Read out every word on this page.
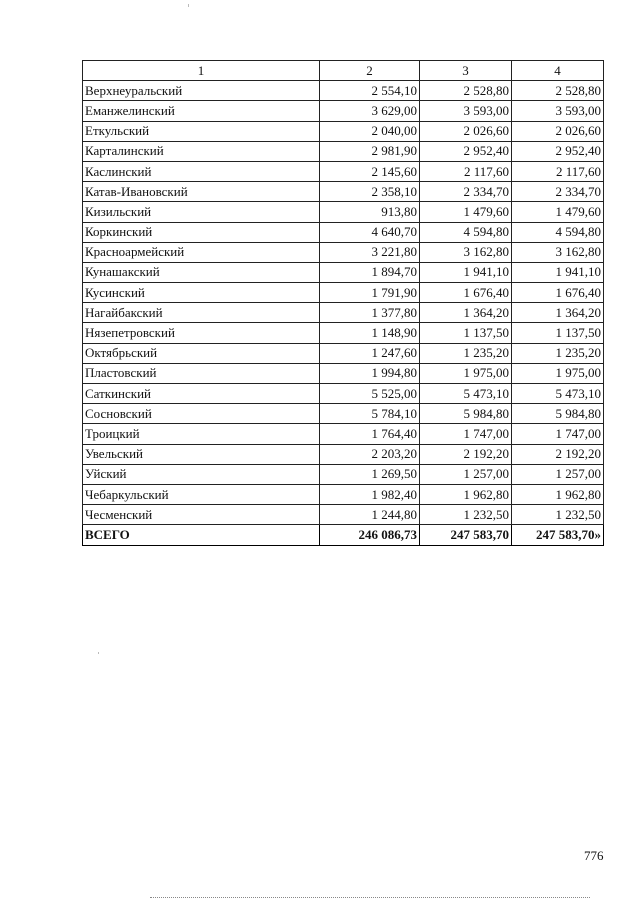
1	2	3	4
Верхнеуральский	2 554,10	2 528,80	2 528,80
Еманжелинский	3 629,00	3 593,00	3 593,00
Еткульский	2 040,00	2 026,60	2 026,60
Карталинский	2 981,90	2 952,40	2 952,40
Каслинский	2 145,60	2 117,60	2 117,60
Катав-Ивановский	2 358,10	2 334,70	2 334,70
Кизильский	913,80	1 479,60	1 479,60
Коркинский	4 640,70	4 594,80	4 594,80
Красноармейский	3 221,80	3 162,80	3 162,80
Кунашакский	1 894,70	1 941,10	1 941,10
Кусинский	1 791,90	1 676,40	1 676,40
Нагайбакский	1 377,80	1 364,20	1 364,20
Нязепетровский	1 148,90	1 137,50	1 137,50
Октябрьский	1 247,60	1 235,20	1 235,20
Пластовский	1 994,80	1 975,00	1 975,00
Саткинский	5 525,00	5 473,10	5 473,10
Сосновский	5 784,10	5 984,80	5 984,80
Троицкий	1 764,40	1 747,00	1 747,00
Увельский	2 203,20	2 192,20	2 192,20
Уйский	1 269,50	1 257,00	1 257,00
Чебаркульский	1 982,40	1 962,80	1 962,80
Чесменский	1 244,80	1 232,50	1 232,50
ВСЕГО	246 086,73	247 583,70	247 583,70»
776
